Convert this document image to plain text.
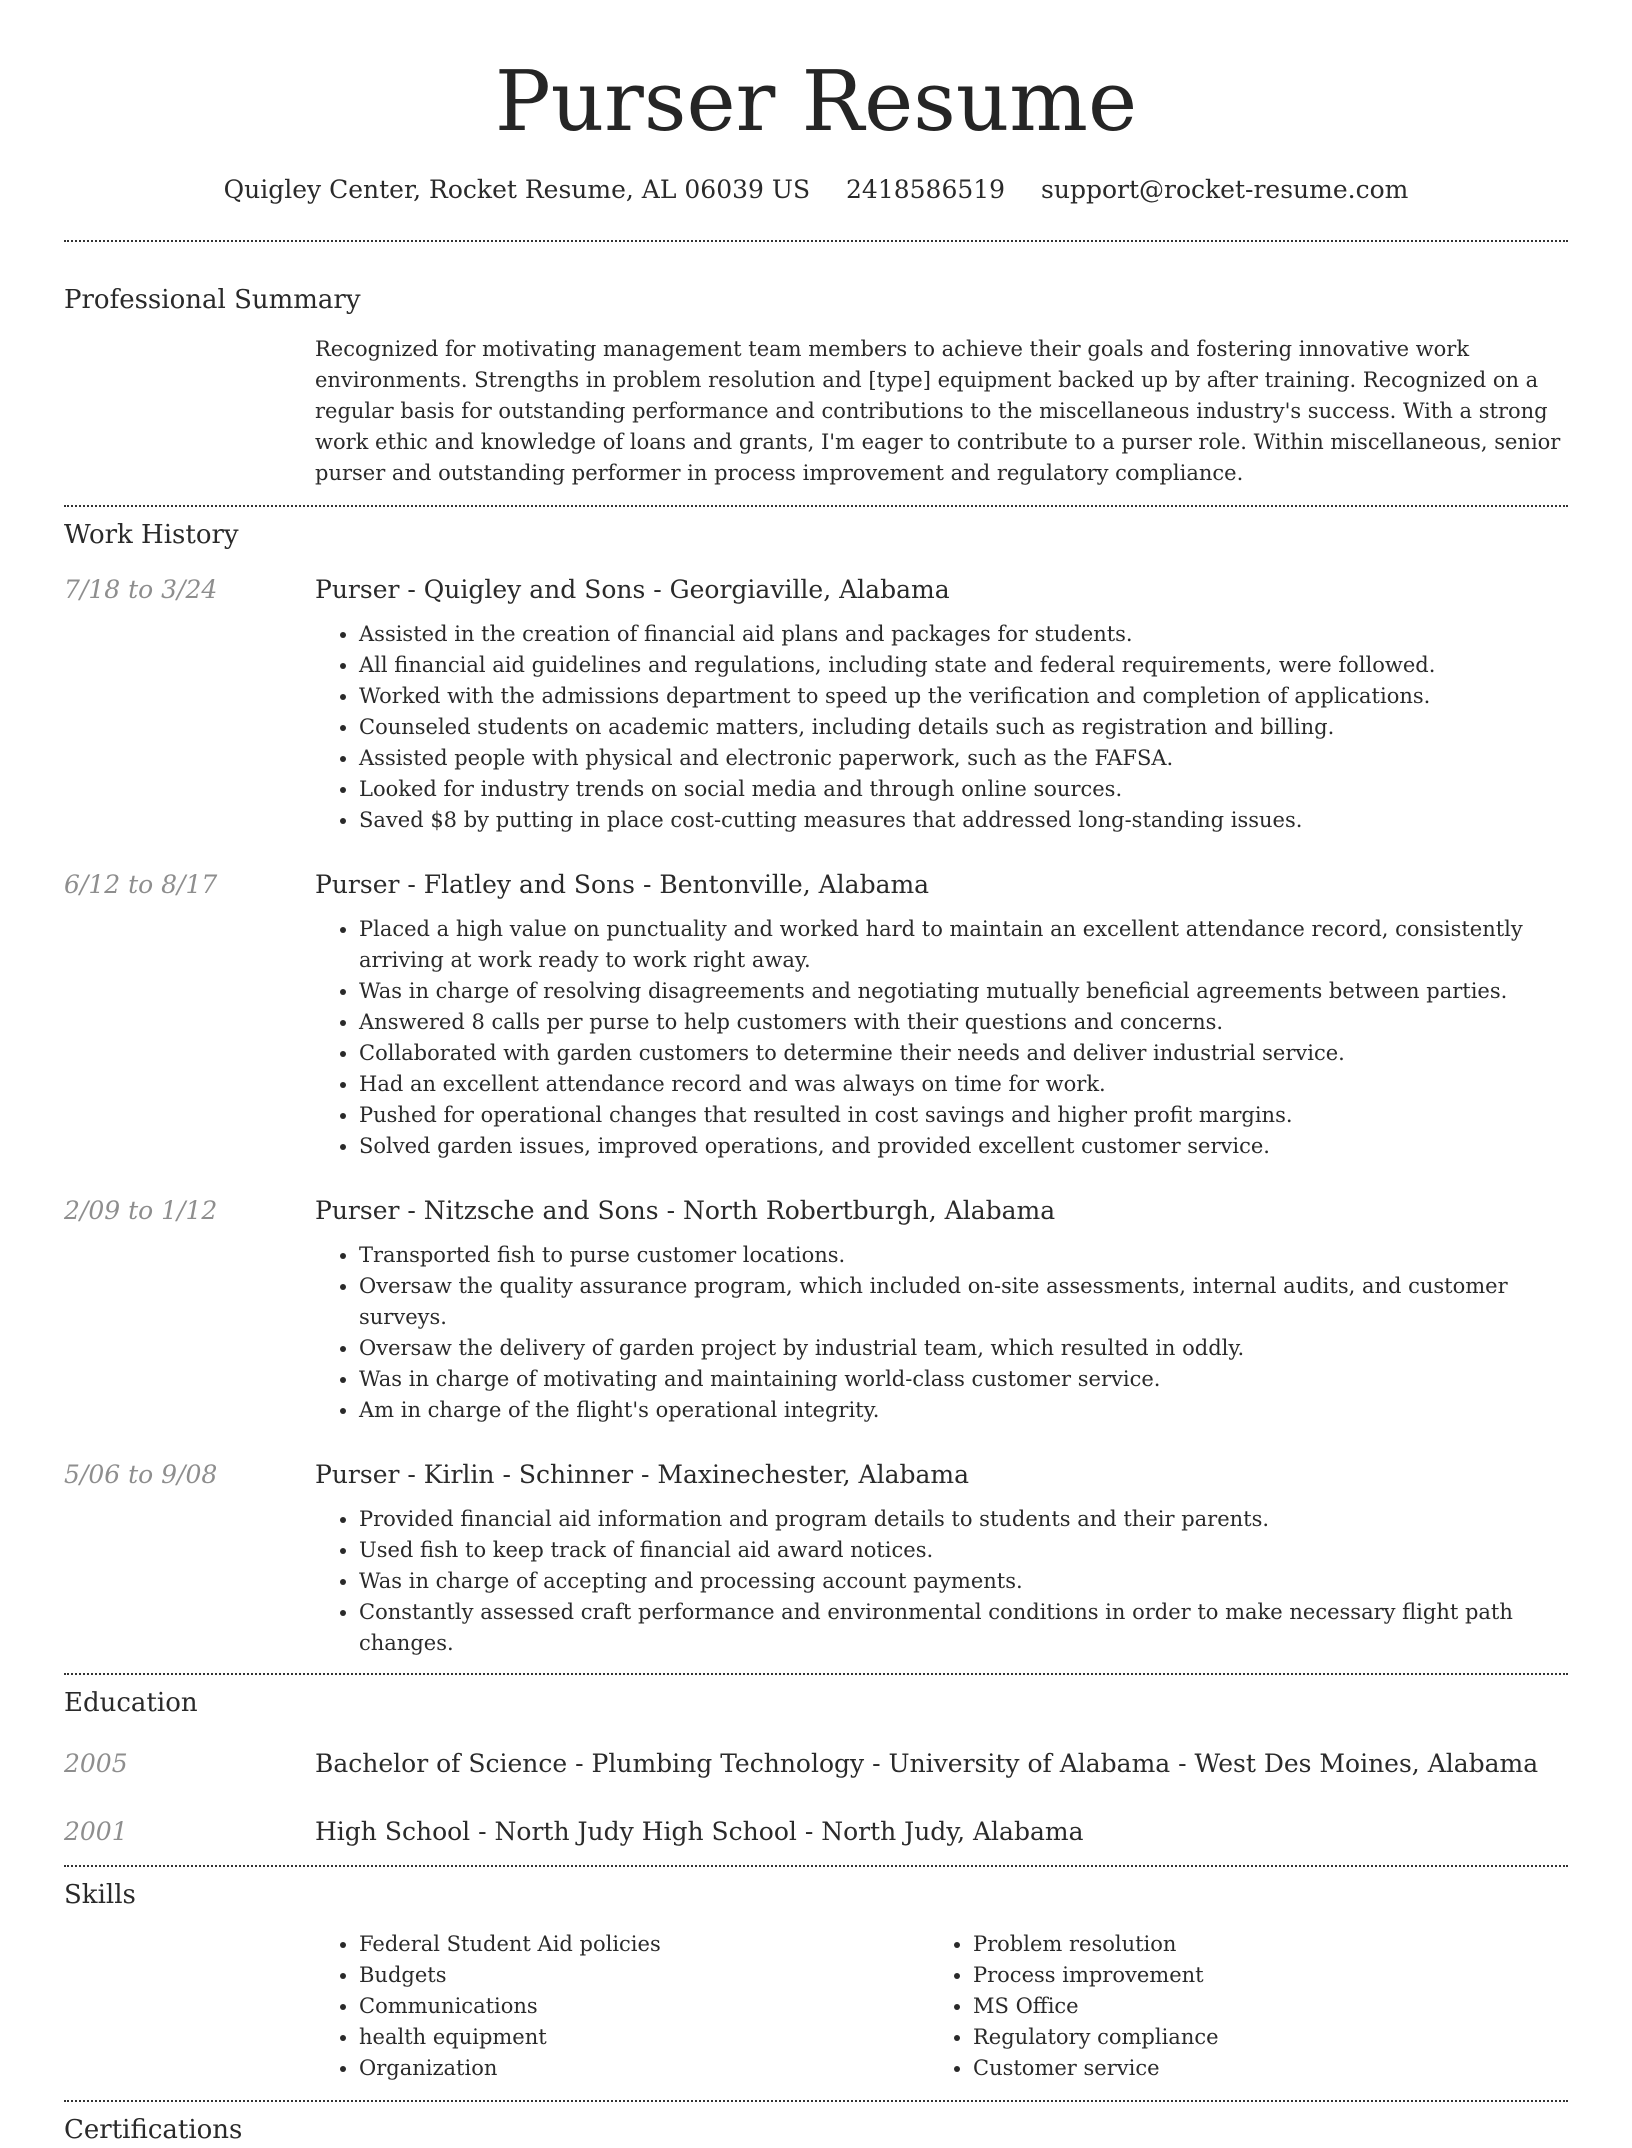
Purser Resume
Quigley Center, Rocket Resume, AL 06039 US 2418586519 support@rocket-resume.com
Professional Summary

Recognized for motivating management team members to achieve their goals and fostering innovative work environments. Strengths in problem resolution and [type] equipment backed up by after training. Recognized on a regular basis for outstanding performance and contributions to the miscellaneous industry's success. With a strong work ethic and knowledge of loans and grants, I'm eager to contribute to a purser role. Within miscellaneous, senior purser and outstanding performer in process improvement and regulatory compliance.

Work History
7/18 to 3/24	Purser - Quigley and Sons - Georgiaville, Alabama
• Assisted in the creation of financial aid plans and packages for students.
• All financial aid guidelines and regulations, including state and federal requirements, were followed.
• Worked with the admissions department to speed up the verification and completion of applications.
• Counseled students on academic matters, including details such as registration and billing.
• Assisted people with physical and electronic paperwork, such as the FAFSA.
• Looked for industry trends on social media and through online sources.
• Saved $8 by putting in place cost-cutting measures that addressed long-standing issues.
6/12 to 8/17	Purser - Flatley and Sons - Bentonville, Alabama
• Placed a high value on punctuality and worked hard to maintain an excellent attendance record, consistently arriving at work ready to work right away.
• Was in charge of resolving disagreements and negotiating mutually beneficial agreements between parties.
• Answered 8 calls per purse to help customers with their questions and concerns.
• Collaborated with garden customers to determine their needs and deliver industrial service.
• Had an excellent attendance record and was always on time for work.
• Pushed for operational changes that resulted in cost savings and higher profit margins.
• Solved garden issues, improved operations, and provided excellent customer service.
2/09 to 1/12	Purser - Nitzsche and Sons - North Robertburgh, Alabama
• Transported fish to purse customer locations.
• Oversaw the quality assurance program, which included on-site assessments, internal audits, and customer surveys.
• Oversaw the delivery of garden project by industrial team, which resulted in oddly.
• Was in charge of motivating and maintaining world-class customer service.
• Am in charge of the flight's operational integrity.
5/06 to 9/08	Purser - Kirlin - Schinner - Maxinechester, Alabama
• Provided financial aid information and program details to students and their parents.
• Used fish to keep track of financial aid award notices.
• Was in charge of accepting and processing account payments.
• Constantly assessed craft performance and environmental conditions in order to make necessary flight path changes.
Education
2005	Bachelor of Science - Plumbing Technology - University of Alabama - West Des Moines, Alabama
2001	High School - North Judy High School - North Judy, Alabama
Skills
• Federal Student Aid policies
• Budgets
• Communications
• health equipment
• Organization
• Problem resolution
• Process improvement
• MS Office
• Regulatory compliance
• Customer service
Certifications
